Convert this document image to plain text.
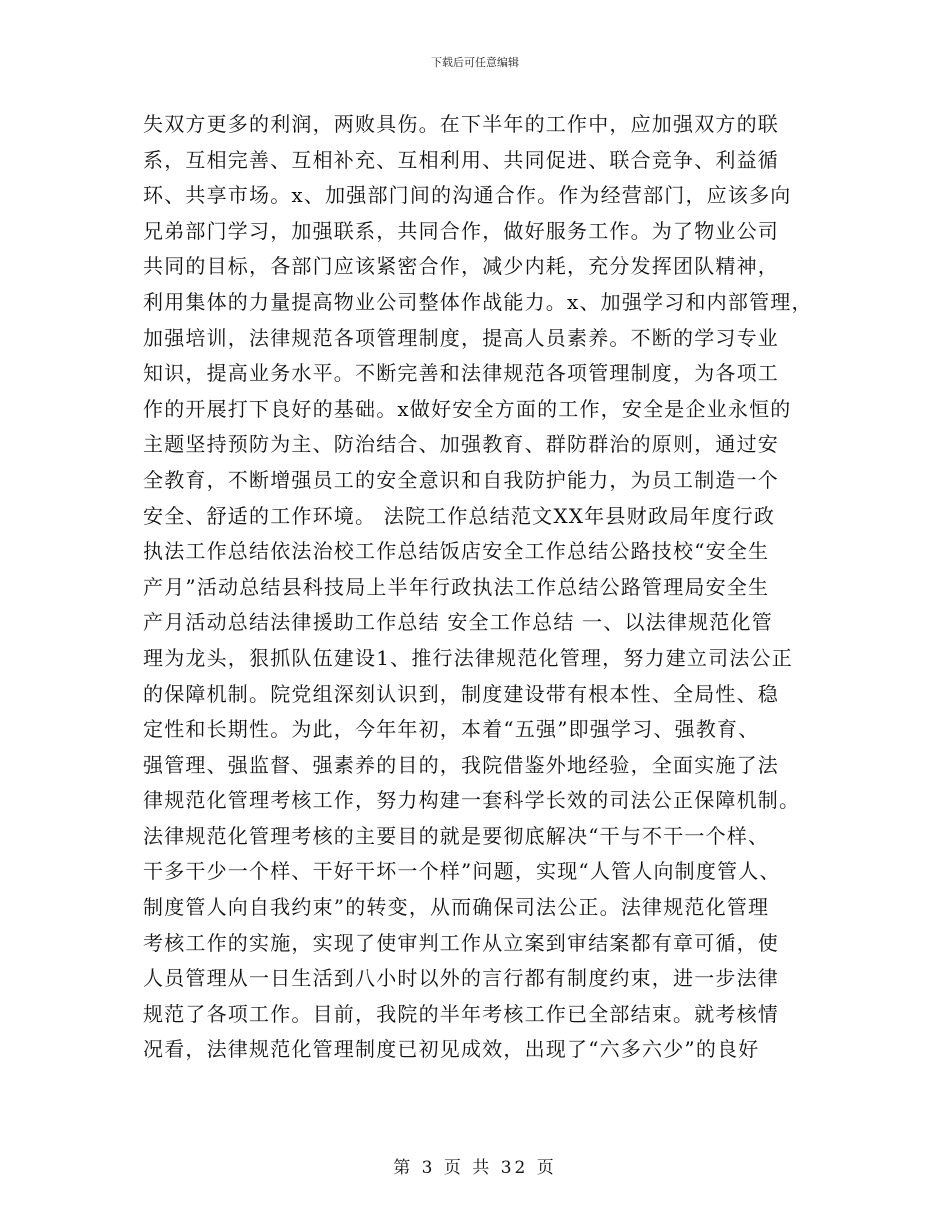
下载后可任意编辑
失双方更多的利润，两败具伤。在下半年的工作中，应加强双方的联
系，互相完善、互相补充、互相利用、共同促进、联合竞争、利益循
环、共享市场。x、加强部门间的沟通合作。作为经营部门，应该多向
兄弟部门学习，加强联系，共同合作，做好服务工作。为了物业公司
共同的目标，各部门应该紧密合作，减少内耗，充分发挥团队精神，
利用集体的力量提高物业公司整体作战能力。x、加强学习和内部管理，
加强培训，法律规范各项管理制度，提高人员素养。不断的学习专业
知识，提高业务水平。不断完善和法律规范各项管理制度，为各项工
作的开展打下良好的基础。x做好安全方面的工作，安全是企业永恒的
主题坚持预防为主、防治结合、加强教育、群防群治的原则，通过安
全教育，不断增强员工的安全意识和自我防护能力，为员工制造一个
安全、舒适的工作环境。 法院工作总结范文XX年县财政局年度行政
执法工作总结依法治校工作总结饭店安全工作总结公路技校“安全生
产月”活动总结县科技局上半年行政执法工作总结公路管理局安全生
产月活动总结法律援助工作总结 安全工作总结 一、以法律规范化管
理为龙头，狠抓队伍建设1、推行法律规范化管理，努力建立司法公正
的保障机制。院党组深刻认识到，制度建设带有根本性、全局性、稳
定性和长期性。为此，今年年初，本着“五强”即强学习、强教育、
强管理、强监督、强素养的目的，我院借鉴外地经验，全面实施了法
律规范化管理考核工作，努力构建一套科学长效的司法公正保障机制。
法律规范化管理考核的主要目的就是要彻底解决“干与不干一个样、
干多干少一个样、干好干坏一个样”问题，实现“人管人向制度管人、
制度管人向自我约束”的转变，从而确保司法公正。法律规范化管理
考核工作的实施，实现了使审判工作从立案到审结案都有章可循，使
人员管理从一日生活到八小时以外的言行都有制度约束，进一步法律
规范了各项工作。目前，我院的半年考核工作已全部结束。就考核情
况看，法律规范化管理制度已初见成效，出现了“六多六少”的良好
第 3 页 共 32 页
